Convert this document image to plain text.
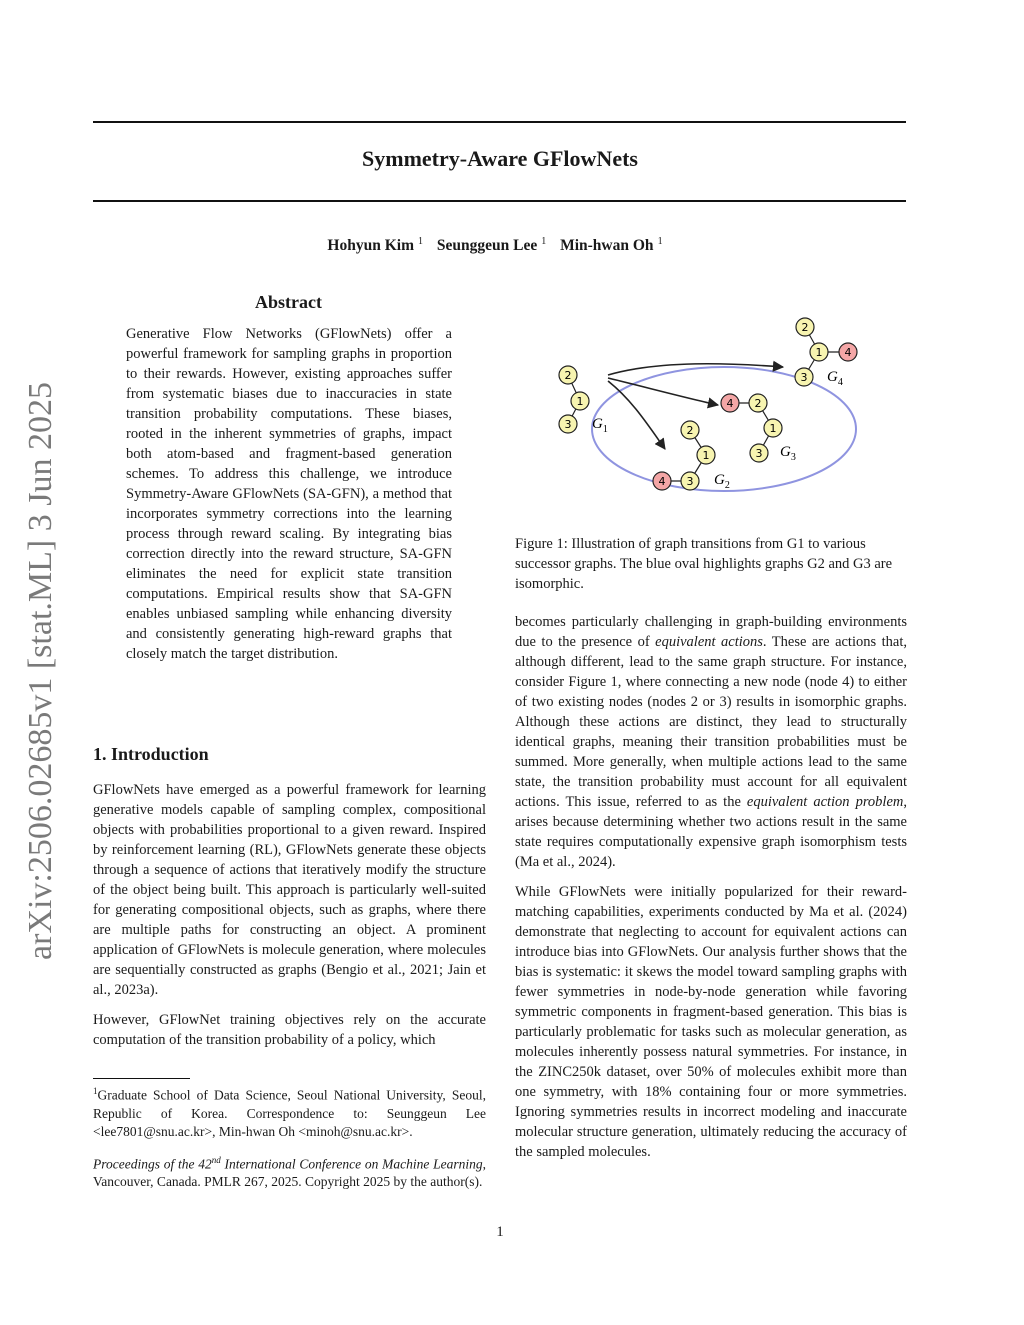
Symmetry-Aware GFlowNets
Hohyun Kim $^1$ Seunggeun Lee $^1$ Min-hwan Oh $^1$
arXiv:2506.02685v1 [stat.ML] 3 Jun 2025
Abstract
Generative Flow Networks (GFlowNets) offer a powerful framework for sampling graphs in proportion to their rewards. However, existing approaches suffer from systematic biases due to inaccuracies in state transition probability computations. These biases, rooted in the inherent symmetries of graphs, impact both atom-based and fragment-based generation schemes. To address this challenge, we introduce Symmetry-Aware GFlowNets (SA-GFN), a method that incorporates symmetry corrections into the learning process through reward scaling. By integrating bias correction directly into the reward structure, SA-GFN eliminates the need for explicit state transition computations. Empirical results show that SA-GFN enables unbiased sampling while enhancing diversity and consistently generating high-reward graphs that closely match the target distribution.
1. Introduction

GFlowNets have emerged as a powerful framework for learning generative models capable of sampling complex, compositional objects with probabilities proportional to a given reward. Inspired by reinforcement learning (RL), GFlowNets generate these objects through a sequence of actions that iteratively modify the structure of the object being built. This approach is particularly well-suited for generating compositional objects, such as graphs, where there are multiple paths for constructing an object. A prominent application of GFlowNets is molecule generation, where molecules are sequentially constructed as graphs (Bengio et al., 2021; Jain et al., 2023a).

However, GFlowNet training objectives rely on the accurate computation of the transition probability of a policy, which

$^1$Graduate School of Data Science, Seoul National University, Seoul, Republic of Korea. Correspondence to: Seunggeun Lee <lee7801@snu.ac.kr>, Min-hwan Oh <minoh@snu.ac.kr>.

Proceedings of the 42nd International Conference on Machine Learning, Vancouver, Canada. PMLR 267, 2025. Copyright 2025 by the author(s).

2
1
3 $G_1$
2
1 4
3 $G_4$
2
1
3
4	$G_2$
4 2
1
3 $G_3$
Figure 1: Illustration of graph transitions from G1 to various successor graphs. The blue oval highlights graphs G2 and G3 are isomorphic.

becomes particularly challenging in graph-building environments due to the presence of equivalent actions. These are actions that, although different, lead to the same graph structure. For instance, consider Figure 1, where connecting a new node (node 4) to either of two existing nodes (nodes 2 or 3) results in isomorphic graphs. Although these actions are distinct, they lead to structurally identical graphs, meaning their transition probabilities must be summed. More generally, when multiple actions lead to the same state, the transition probability must account for all equivalent actions. This issue, referred to as the equivalent action problem, arises because determining whether two actions result in the same state requires computationally expensive graph isomorphism tests (Ma et al., 2024).

While GFlowNets were initially popularized for their reward-matching capabilities, experiments conducted by Ma et al. (2024) demonstrate that neglecting to account for equivalent actions can introduce bias into GFlowNets. Our analysis further shows that the bias is systematic: it skews the model toward sampling graphs with fewer symmetries in node-by-node generation while favoring symmetric components in fragment-based generation. This bias is particularly problematic for tasks such as molecular generation, as molecules inherently possess natural symmetries. For instance, in the ZINC250k dataset, over 50% of molecules exhibit more than one symmetry, with 18% containing four or more symmetries. Ignoring symmetries results in incorrect modeling and inaccurate molecular structure generation, ultimately reducing the accuracy of the sampled molecules.

1
